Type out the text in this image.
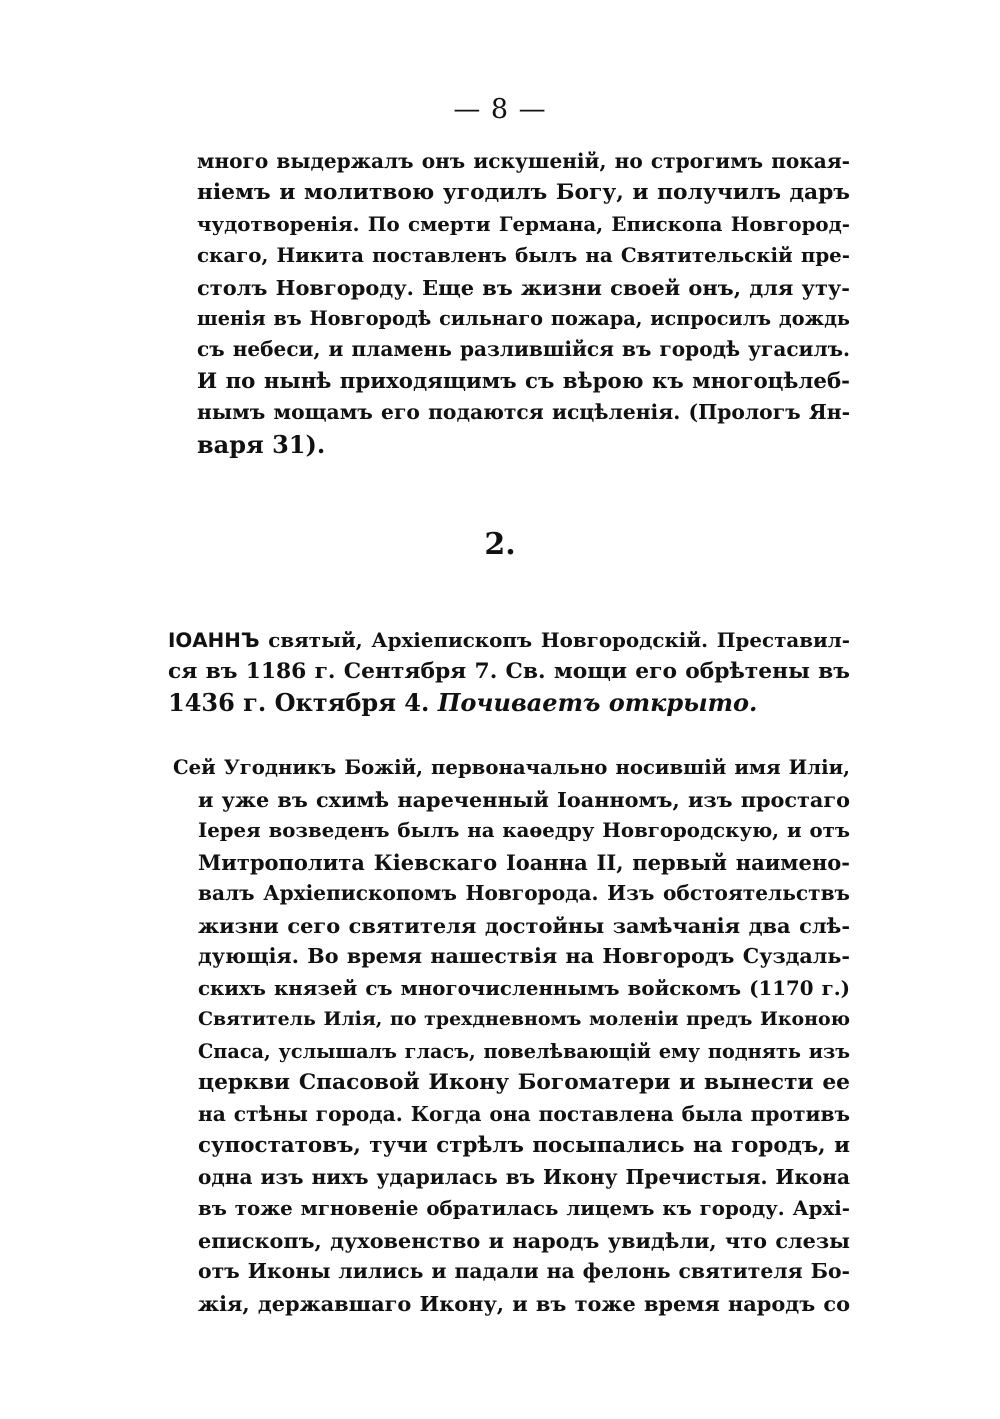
— 8 —
много выдержалъ онъ искушеній, но строгимъ покая-
ніемъ и молитвою угодилъ Богу, и получилъ даръ
чудотворенія. По смерти Германа, Епископа Новгород-
скаго, Никита поставленъ былъ на Святительскій пре-
столъ Новгороду. Еще въ жизни своей онъ, для уту-
шенія въ Новгородѣ сильнаго пожара, испросилъ дождь
съ небеси, и пламень разлившійся въ городѣ угасилъ.
И по нынѣ приходящимъ съ вѣрою къ многоцѣлеб-
нымъ мощамъ его подаются исцѣленія. (Прологъ Ян-
варя 31).
2.
ІОАННЪ святый, Архіепископъ Новгородскій. Преставил-
ся въ 1186 г. Сентября 7. Св. мощи его обрѣтены въ
1436 г. Октября 4. Почиваетъ открыто.
Сей Угодникъ Божій, первоначально носившій имя Иліи,
и уже въ схимѣ нареченный Іоанномъ, изъ простаго
Іерея возведенъ былъ на каѳедру Новгородскую, и отъ
Митрополита Кіевскаго Іоанна II, первый наимено-
валъ Архіепископомъ Новгорода. Изъ обстоятельствъ
жизни сего святителя достойны замѣчанія два слѣ-
дующія. Во время нашествія на Новгородъ Суздаль-
скихъ князей съ многочисленнымъ войскомъ (1170 г.)
Святитель Илія, по трехдневномъ моленіи предъ Иконою
Спаса, услышалъ гласъ, повелѣвающій ему поднять изъ
церкви Спасовой Икону Богоматери и вынести ее
на стѣны города. Когда она поставлена была противъ
супостатовъ, тучи стрѣлъ посыпались на городъ, и
одна изъ нихъ ударилась въ Икону Пречистыя. Икона
въ тоже мгновеніе обратилась лицемъ къ городу. Архі-
епископъ, духовенство и народъ увидѣли, что слезы
отъ Иконы лились и падали на фелонь святителя Бо-
жія, державшаго Икону, и въ тоже время народъ со
